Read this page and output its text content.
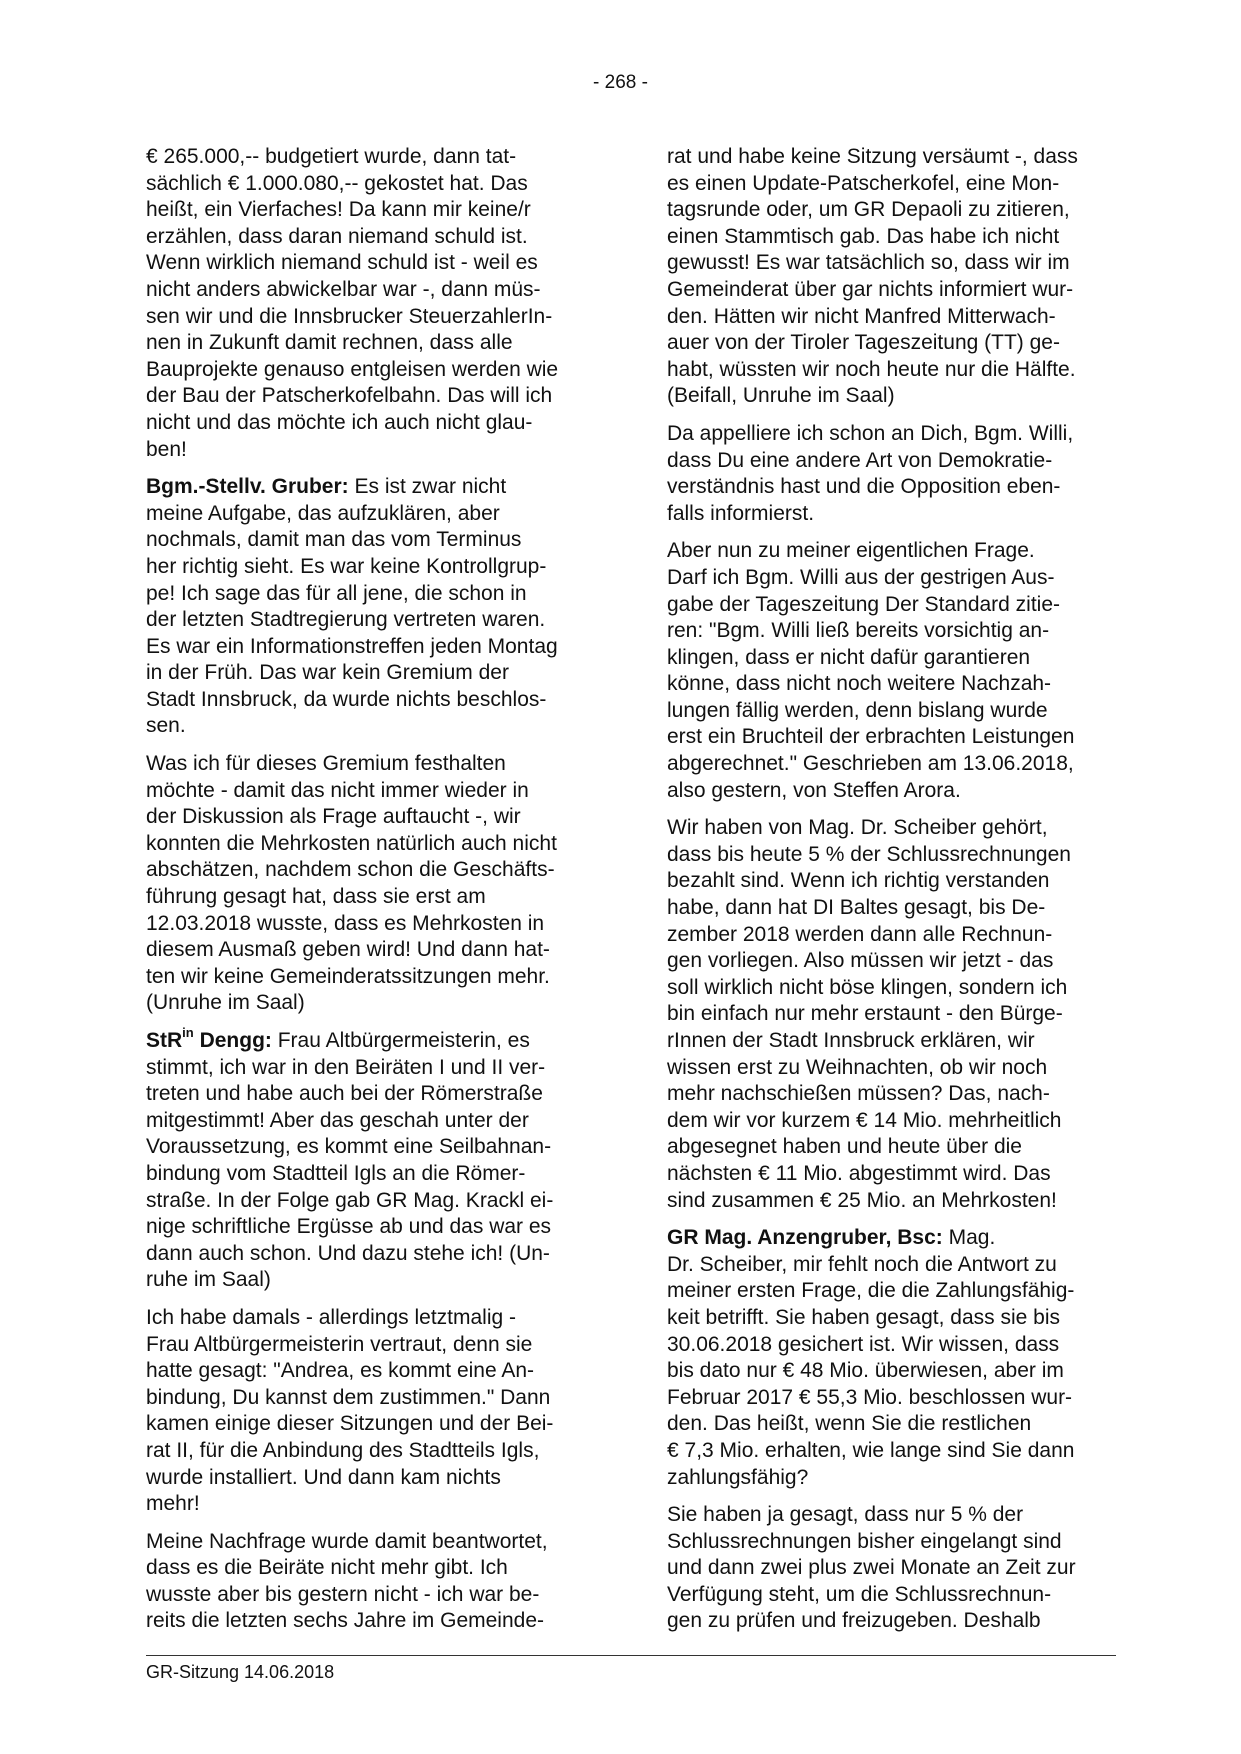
- 268 -

€ 265.000,-- budgetiert wurde, dann tat-
sächlich € 1.000.080,-- gekostet hat. Das
heißt, ein Vierfaches! Da kann mir keine/r
erzählen, dass daran niemand schuld ist.
Wenn wirklich niemand schuld ist - weil es
nicht anders abwickelbar war -, dann müs-
sen wir und die Innsbrucker SteuerzahlerIn-
nen in Zukunft damit rechnen, dass alle
Bauprojekte genauso entgleisen werden wie
der Bau der Patscherkofelbahn. Das will ich
nicht und das möchte ich auch nicht glau-
ben!

Bgm.-Stellv. Gruber: Es ist zwar nicht
meine Aufgabe, das aufzuklären, aber
nochmals, damit man das vom Terminus
her richtig sieht. Es war keine Kontrollgrup-
pe! Ich sage das für all jene, die schon in
der letzten Stadtregierung vertreten waren.
Es war ein Informationstreffen jeden Montag
in der Früh. Das war kein Gremium der
Stadt Innsbruck, da wurde nichts beschlos-
sen.

Was ich für dieses Gremium festhalten
möchte - damit das nicht immer wieder in
der Diskussion als Frage auftaucht -, wir
konnten die Mehrkosten natürlich auch nicht
abschätzen, nachdem schon die Geschäfts-
führung gesagt hat, dass sie erst am
12.03.2018 wusste, dass es Mehrkosten in
diesem Ausmaß geben wird! Und dann hat-
ten wir keine Gemeinderatssitzungen mehr.
(Unruhe im Saal)

StR$^{in}$ Dengg: Frau Altbürgermeisterin, es
stimmt, ich war in den Beiräten I und II ver-
treten und habe auch bei der Römerstraße
mitgestimmt! Aber das geschah unter der
Voraussetzung, es kommt eine Seilbahnan-
bindung vom Stadtteil Igls an die Römer-
straße. In der Folge gab GR Mag. Krackl ei-
nige schriftliche Ergüsse ab und das war es
dann auch schon. Und dazu stehe ich! (Un-
ruhe im Saal)

Ich habe damals - allerdings letztmalig -
Frau Altbürgermeisterin vertraut, denn sie
hatte gesagt: "Andrea, es kommt eine An-
bindung, Du kannst dem zustimmen." Dann
kamen einige dieser Sitzungen und der Bei-
rat II, für die Anbindung des Stadtteils Igls,
wurde installiert. Und dann kam nichts
mehr!

Meine Nachfrage wurde damit beantwortet,
dass es die Beiräte nicht mehr gibt. Ich
wusste aber bis gestern nicht - ich war be-
reits die letzten sechs Jahre im Gemeinde-

rat und habe keine Sitzung versäumt -, dass
es einen Update-Patscherkofel, eine Mon-
tagsrunde oder, um GR Depaoli zu zitieren,
einen Stammtisch gab. Das habe ich nicht
gewusst! Es war tatsächlich so, dass wir im
Gemeinderat über gar nichts informiert wur-
den. Hätten wir nicht Manfred Mitterwach-
auer von der Tiroler Tageszeitung (TT) ge-
habt, wüssten wir noch heute nur die Hälfte.
(Beifall, Unruhe im Saal)

Da appelliere ich schon an Dich, Bgm. Willi,
dass Du eine andere Art von Demokratie-
verständnis hast und die Opposition eben-
falls informierst.

Aber nun zu meiner eigentlichen Frage.
Darf ich Bgm. Willi aus der gestrigen Aus-
gabe der Tageszeitung Der Standard zitie-
ren: "Bgm. Willi ließ bereits vorsichtig an-
klingen, dass er nicht dafür garantieren
könne, dass nicht noch weitere Nachzah-
lungen fällig werden, denn bislang wurde
erst ein Bruchteil der erbrachten Leistungen
abgerechnet." Geschrieben am 13.06.2018,
also gestern, von Steffen Arora.

Wir haben von Mag. Dr. Scheiber gehört,
dass bis heute 5 % der Schlussrechnungen
bezahlt sind. Wenn ich richtig verstanden
habe, dann hat DI Baltes gesagt, bis De-
zember 2018 werden dann alle Rechnun-
gen vorliegen. Also müssen wir jetzt - das
soll wirklich nicht böse klingen, sondern ich
bin einfach nur mehr erstaunt - den Bürge-
rInnen der Stadt Innsbruck erklären, wir
wissen erst zu Weihnachten, ob wir noch
mehr nachschießen müssen? Das, nach-
dem wir vor kurzem € 14 Mio. mehrheitlich
abgesegnet haben und heute über die
nächsten € 11 Mio. abgestimmt wird. Das
sind zusammen € 25 Mio. an Mehrkosten!

GR Mag. Anzengruber, Bsc: Mag.
Dr. Scheiber, mir fehlt noch die Antwort zu
meiner ersten Frage, die die Zahlungsfähig-
keit betrifft. Sie haben gesagt, dass sie bis
30.06.2018 gesichert ist. Wir wissen, dass
bis dato nur € 48 Mio. überwiesen, aber im
Februar 2017 € 55,3 Mio. beschlossen wur-
den. Das heißt, wenn Sie die restlichen
€ 7,3 Mio. erhalten, wie lange sind Sie dann
zahlungsfähig?

Sie haben ja gesagt, dass nur 5 % der
Schlussrechnungen bisher eingelangt sind
und dann zwei plus zwei Monate an Zeit zur
Verfügung steht, um die Schlussrechnun-
gen zu prüfen und freizugeben. Deshalb

GR-Sitzung 14.06.2018
